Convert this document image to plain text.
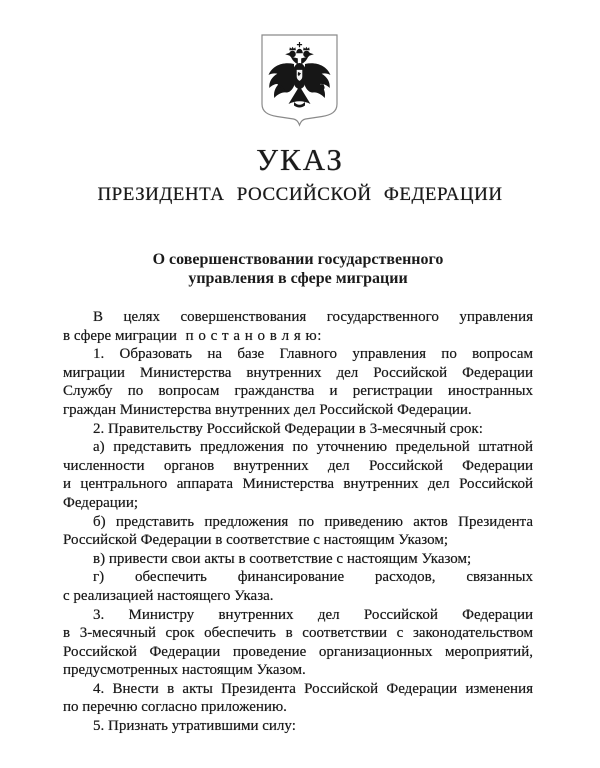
УКАЗ
ПРЕЗИДЕНТА РОССИЙСКОЙ ФЕДЕРАЦИИ
О совершенствовании государственного
управления в сфере миграции
В целях совершенствования государственного управления
в сфере миграции п о с т а н о в л я ю:
1. Образовать на базе Главного управления по вопросам
миграции Министерства внутренних дел Российской Федерации
Службу по вопросам гражданства и регистрации иностранных
граждан Министерства внутренних дел Российской Федерации.
2. Правительству Российской Федерации в 3-месячный срок:
а) представить предложения по уточнению предельной штатной
численности органов внутренних дел Российской Федерации
и центрального аппарата Министерства внутренних дел Российской
Федерации;
б) представить предложения по приведению актов Президента
Российской Федерации в соответствие с настоящим Указом;
в) привести свои акты в соответствие с настоящим Указом;
г) обеспечить финансирование расходов, связанных
с реализацией настоящего Указа.
3. Министру внутренних дел Российской Федерации
в 3-месячный срок обеспечить в соответствии с законодательством
Российской Федерации проведение организационных мероприятий,
предусмотренных настоящим Указом.
4. Внести в акты Президента Российской Федерации изменения
по перечню согласно приложению.
5. Признать утратившими силу:
